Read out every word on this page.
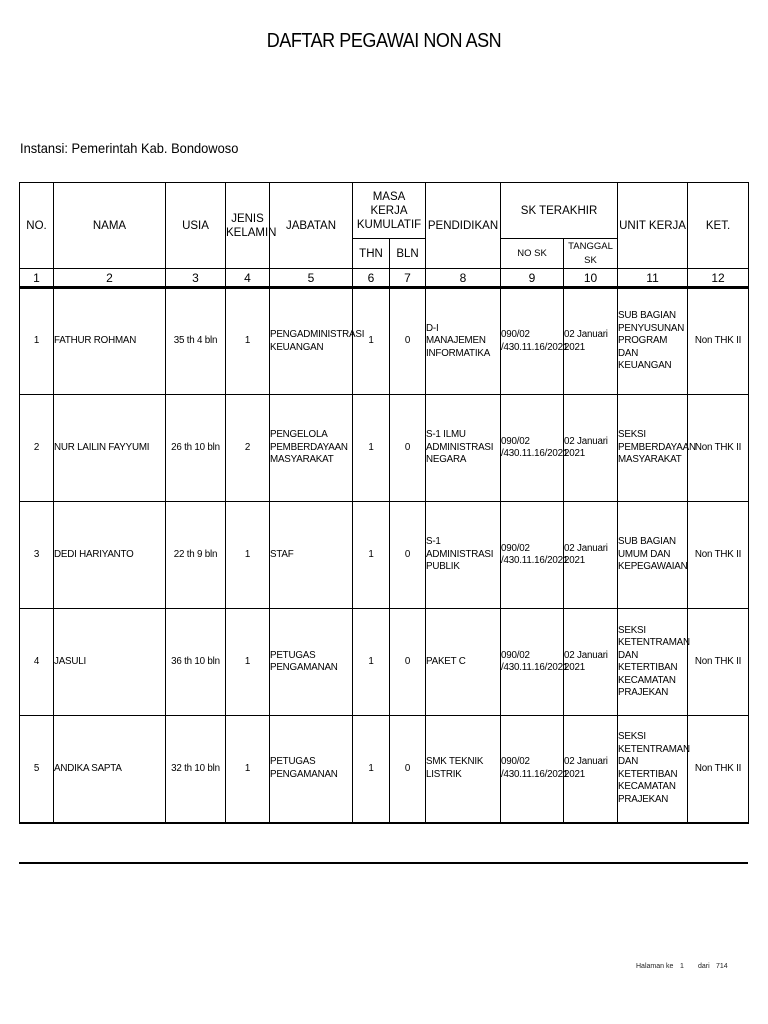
DAFTAR PEGAWAI NON ASN
Instansi: Pemerintah Kab. Bondowoso
NO.	NAMA	USIA	JENIS KELAMIN	JABATAN	MASA KERJA KUMULATIF		PENDIDIKAN	SK TERAKHIR		UNIT KERJA	KET.
					THN	BLN		NO SK	TANGGAL SK		
1	2	3	4	5	6	7	8	9	10	11	12
1	FATHUR ROHMAN	35 th 4 bln	1	PENGADMINISTRASI KEUANGAN	1	0	D-I MANAJEMEN INFORMATIKA	090/02 /430.11.16/2021	02 Januari 2021	SUB BAGIAN PENYUSUNAN PROGRAM DAN KEUANGAN	Non THK II
2	NUR LAILIN FAYYUMI	26 th 10 bln	2	PENGELOLA PEMBERDAYAAN MASYARAKAT	1	0	S-1 ILMU ADMINISTRASI NEGARA	090/02 /430.11.16/2021	02 Januari 2021	SEKSI PEMBERDAYAAN MASYARAKAT	Non THK II
3	DEDI HARIYANTO	22 th 9 bln	1	STAF	1	0	S-1 ADMINISTRASI PUBLIK	090/02 /430.11.16/2021	02 Januari 2021	SUB BAGIAN UMUM DAN KEPEGAWAIAN	Non THK II
4	JASULI	36 th 10 bln	1	PETUGAS PENGAMANAN	1	0	PAKET C	090/02 /430.11.16/2021	02 Januari 2021	SEKSI KETENTRAMAN DAN KETERTIBAN KECAMATAN PRAJEKAN	Non THK II
5	ANDIKA SAPTA	32 th 10 bln	1	PETUGAS PENGAMANAN	1	0	SMK TEKNIK LISTRIK	090/02 /430.11.16/2021	02 Januari 2021	SEKSI KETENTRAMAN DAN KETERTIBAN KECAMATAN PRAJEKAN	Non THK II
Halaman ke 1 dari 714
